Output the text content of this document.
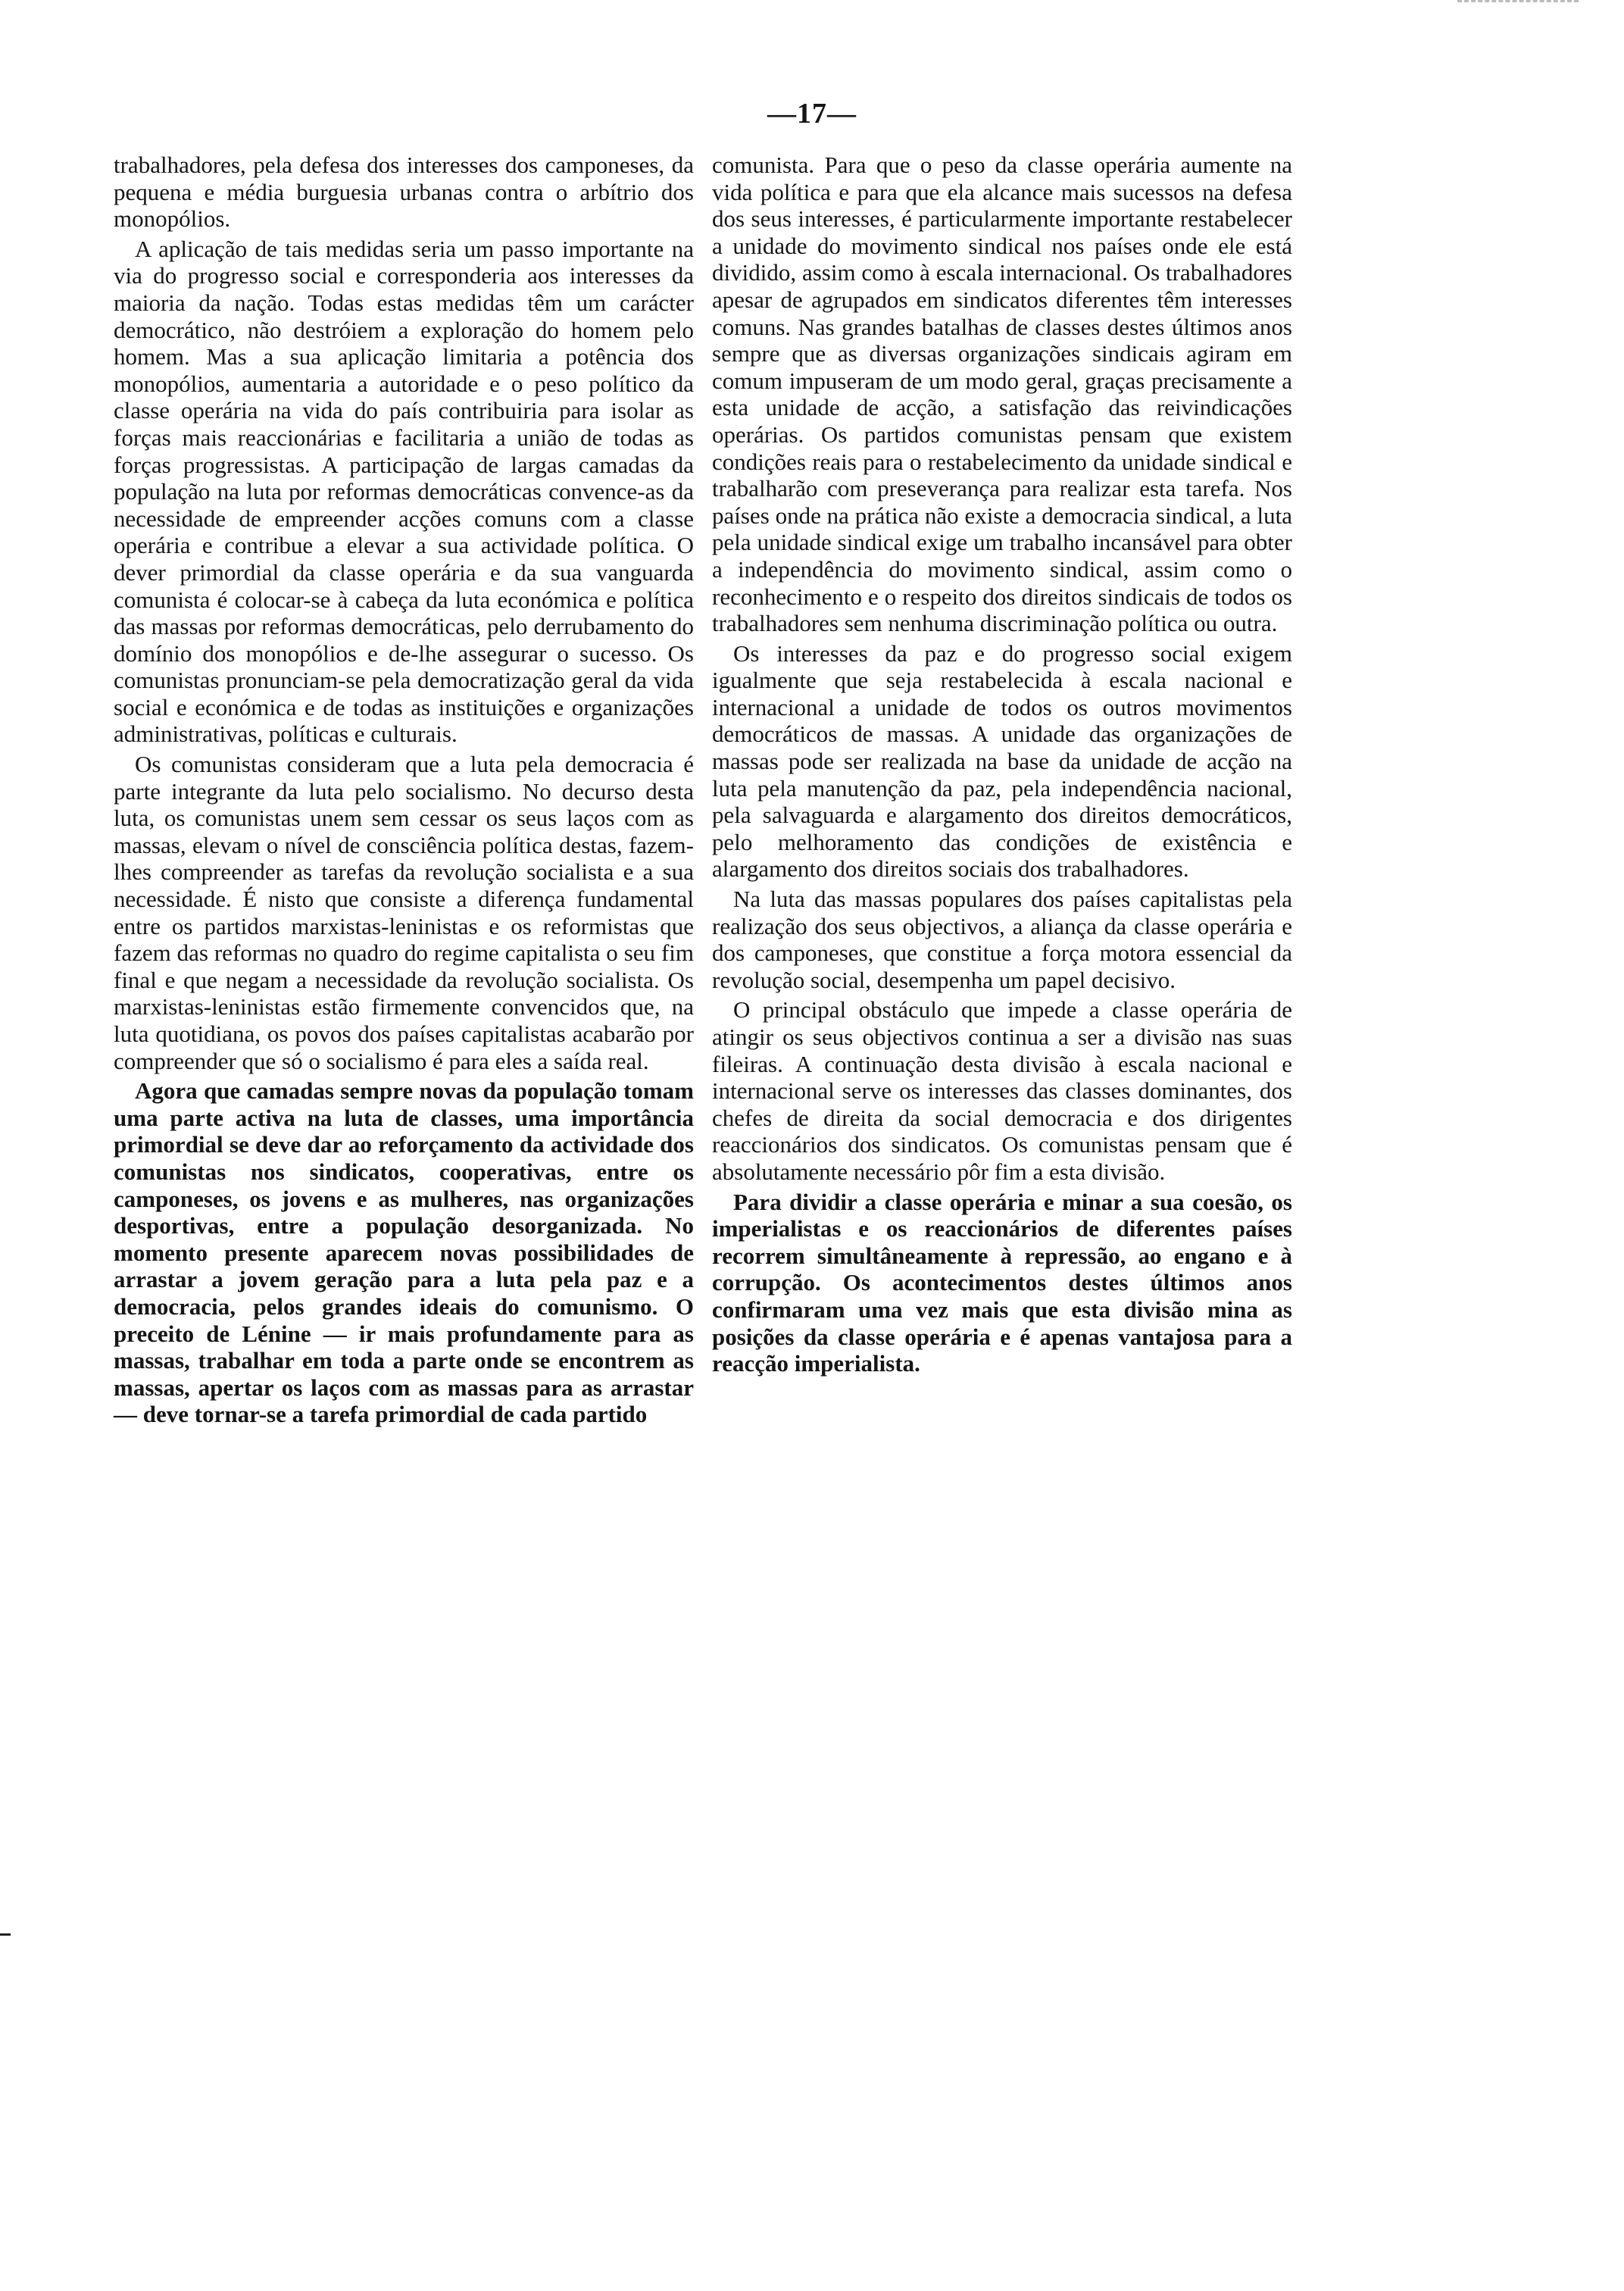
—17—

trabalhadores, pela defesa dos interesses dos camponeses, da pequena e média burguesia urbanas contra o arbítrio dos monopólios.

A aplicação de tais medidas seria um passo importante na via do progresso social e corresponderia aos interesses da maioria da nação. Todas estas medidas têm um carácter democrático, não destróiem a exploração do homem pelo homem. Mas a sua aplicação limitaria a potência dos monopólios, aumentaria a autoridade e o peso político da classe operária na vida do país contribuiria para isolar as forças mais reaccionárias e facilitaria a união de todas as forças progressistas. A participação de largas camadas da população na luta por reformas democráticas convence-as da necessidade de empreender acções comuns com a classe operária e contribue a elevar a sua actividade política. O dever primordial da classe operária e da sua vanguarda comunista é colocar-se à cabeça da luta económica e política das massas por reformas democráticas, pelo derrubamento do domínio dos monopólios e de-lhe assegurar o sucesso. Os comunistas pronunciam-se pela democratização geral da vida social e económica e de todas as instituições e organizações administrativas, políticas e culturais.

Os comunistas consideram que a luta pela democracia é parte integrante da luta pelo socialismo. No decurso desta luta, os comunistas unem sem cessar os seus laços com as massas, elevam o nível de consciência política destas, fazem-lhes compreender as tarefas da revolução socialista e a sua necessidade. É nisto que consiste a diferença fundamental entre os partidos marxistas-leninistas e os reformistas que fazem das reformas no quadro do regime capitalista o seu fim final e que negam a necessidade da revolução socialista. Os marxistas-leninistas estão firmemente convencidos que, na luta quotidiana, os povos dos países capitalistas acabarão por compreender que só o socialismo é para eles a saída real.

Agora que camadas sempre novas da população tomam uma parte activa na luta de classes, uma importância primordial se deve dar ao reforçamento da actividade dos comunistas nos sindicatos, cooperativas, entre os camponeses, os jovens e as mulheres, nas organizações desportivas, entre a população desorganizada. No momento presente aparecem novas possibilidades de arrastar a jovem geração para a luta pela paz e a democracia, pelos grandes ideais do comunismo. O preceito de Lénine — ir mais profundamente para as massas, trabalhar em toda a parte onde se encontrem as massas, apertar os laços com as massas para as arrastar — deve tornar-se a tarefa primordial de cada partido

comunista. Para que o peso da classe operária aumente na vida política e para que ela alcance mais sucessos na defesa dos seus interesses, é particularmente importante restabelecer a unidade do movimento sindical nos países onde ele está dividido, assim como à escala internacional. Os trabalhadores apesar de agrupados em sindicatos diferentes têm interesses comuns. Nas grandes batalhas de classes destes últimos anos sempre que as diversas organizações sindicais agiram em comum impuseram de um modo geral, graças precisamente a esta unidade de acção, a satisfação das reivindicações operárias. Os partidos comunistas pensam que existem condições reais para o restabelecimento da unidade sindical e trabalharão com preseverança para realizar esta tarefa. Nos países onde na prática não existe a democracia sindical, a luta pela unidade sindical exige um trabalho incansável para obter a independência do movimento sindical, assim como o reconhecimento e o respeito dos direitos sindicais de todos os trabalhadores sem nenhuma discriminação política ou outra.

Os interesses da paz e do progresso social exigem igualmente que seja restabelecida à escala nacional e internacional a unidade de todos os outros movimentos democráticos de massas. A unidade das organizações de massas pode ser realizada na base da unidade de acção na luta pela manutenção da paz, pela independência nacional, pela salvaguarda e alargamento dos direitos democráticos, pelo melhoramento das condições de existência e alargamento dos direitos sociais dos trabalhadores.

Na luta das massas populares dos países capitalistas pela realização dos seus objectivos, a aliança da classe operária e dos camponeses, que constitue a força motora essencial da revolução social, desempenha um papel decisivo.

O principal obstáculo que impede a classe operária de atingir os seus objectivos continua a ser a divisão nas suas fileiras. A continuação desta divisão à escala nacional e internacional serve os interesses das classes dominantes, dos chefes de direita da social democracia e dos dirigentes reaccionários dos sindicatos. Os comunistas pensam que é absolutamente necessário pôr fim a esta divisão.

Para dividir a classe operária e minar a sua coesão, os imperialistas e os reaccionários de diferentes países recorrem simultâneamente à repressão, ao engano e à corrupção. Os acontecimentos destes últimos anos confirmaram uma vez mais que esta divisão mina as posições da classe operária e é apenas vantajosa para a reacção imperialista.
